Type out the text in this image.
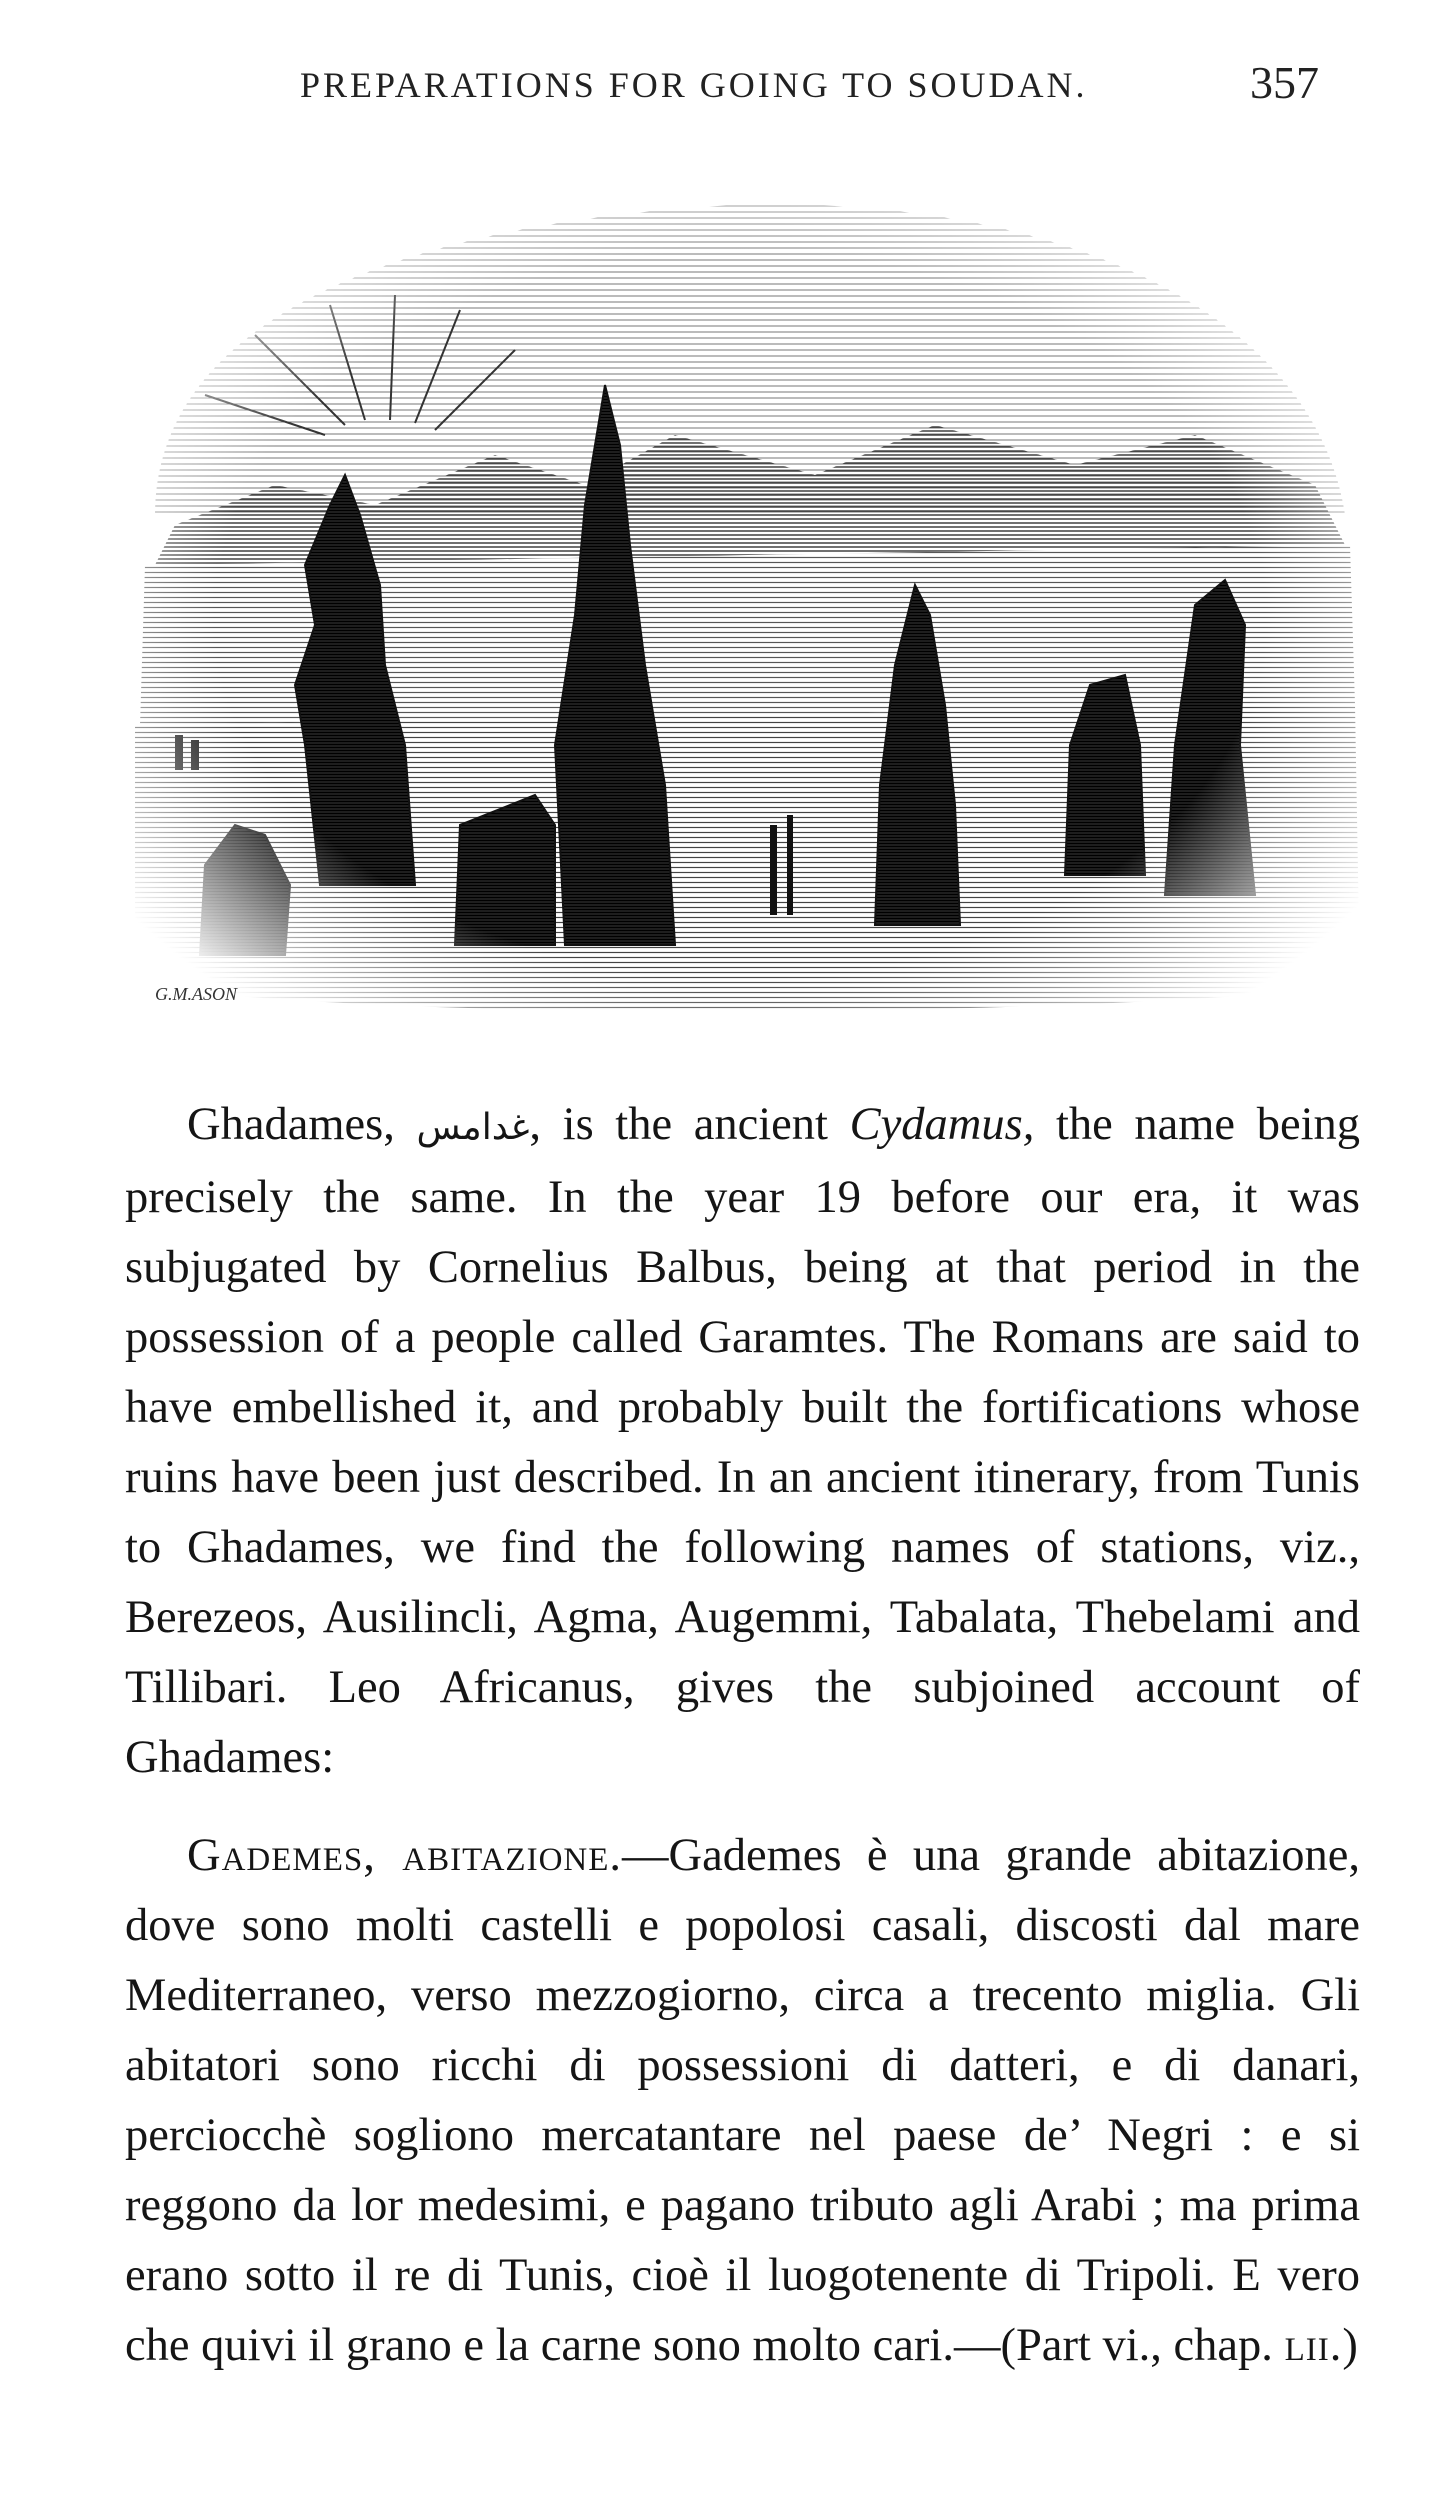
PREPARATIONS FOR GOING TO SOUDAN.	357
G.M.ASON

Ghadames, غدامس, is the ancient Cydamus, the name being precisely the same. In the year 19 before our era, it was subjugated by Cornelius Balbus, being at that period in the possession of a people called Garamtes. The Romans are said to have embellished it, and probably built the fortifications whose ruins have been just described. In an ancient itinerary, from Tunis to Ghadames, we find the following names of stations, viz., Berezeos, Ausilincli, Agma, Augemmi, Tabalata, Thebelami and Tillibari. Leo Africanus, gives the subjoined account of Ghadames:

Gademes, abitazione.—Gademes è una grande abitazione, dove sono molti castelli e popolosi casali, discosti dal mare Mediterraneo, verso mezzogiorno, circa a trecento miglia. Gli abitatori sono ricchi di possessioni di datteri, e di danari, perciocchè sogliono mercatantare nel paese de’ Negri : e si reggono da lor medesimi, e pagano tributo agli Arabi ; ma prima erano sotto il re di Tunis, cioè il luogotenente di Tripoli. E vero che quivi il grano e la carne sono molto cari.—(Part vi., chap. lii.)
